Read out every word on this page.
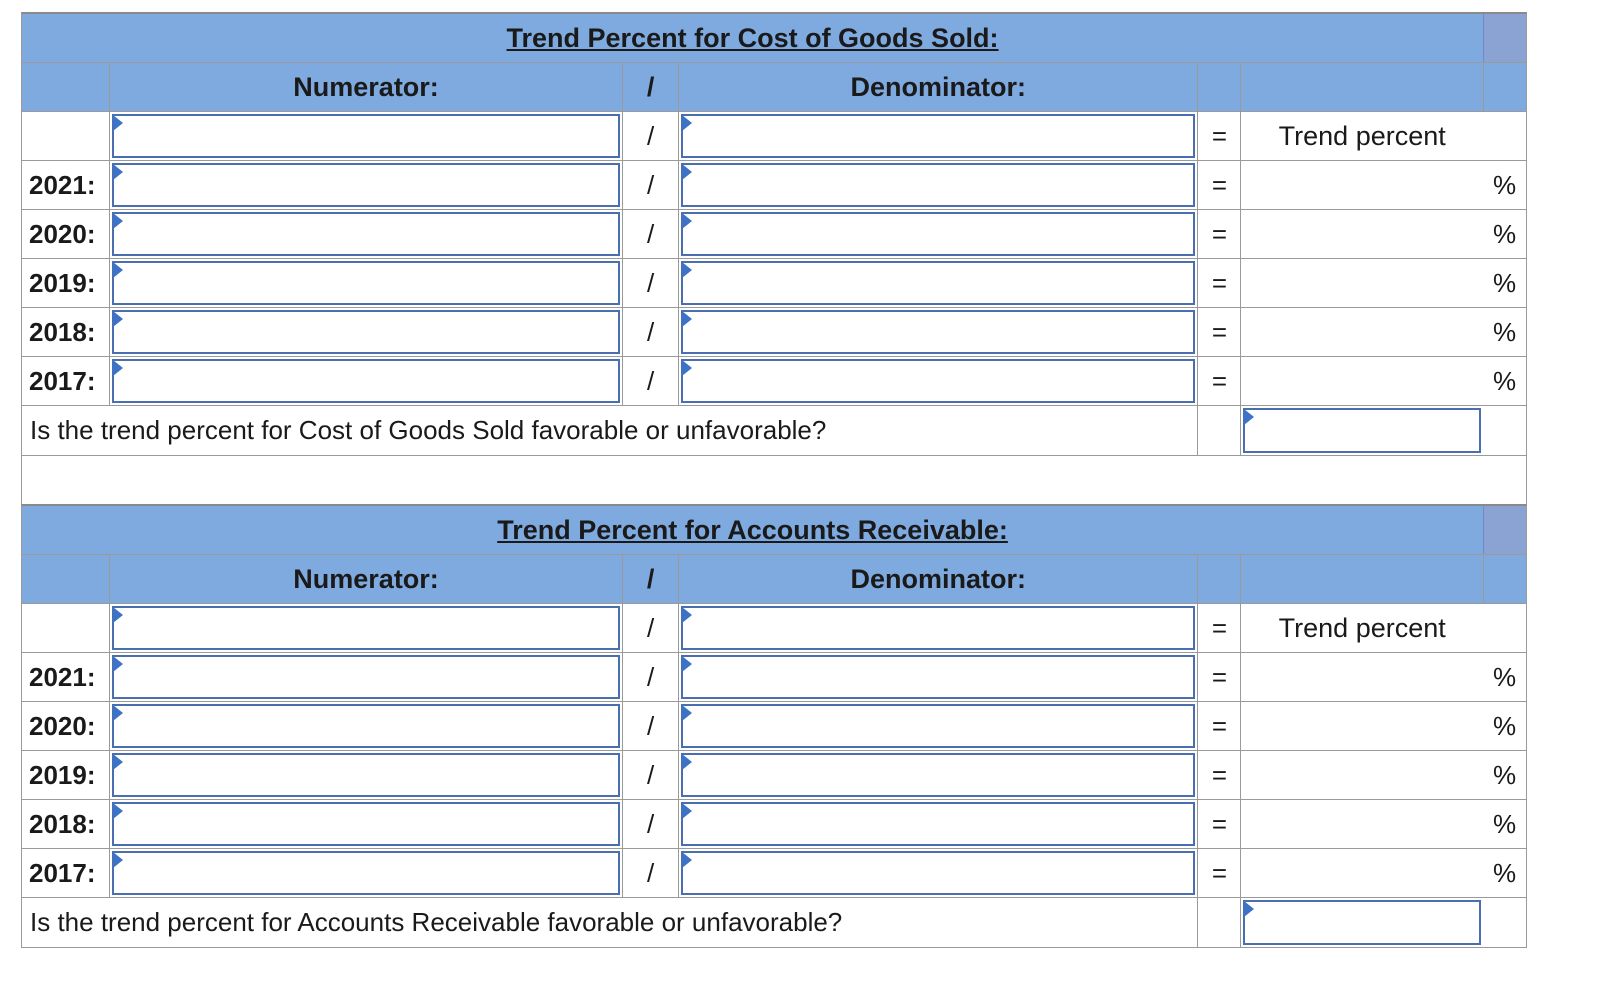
Trend Percent for Cost of Goods Sold:
Numerator:	/	Denominator:
/	=	Trend percent
2021:	/	=	%
2020:	/	=	%
2019:	/	=	%
2018:	/	=	%
2017:	/	=	%
Is the trend percent for Cost of Goods Sold favorable or unfavorable?
Trend Percent for Accounts Receivable:
Numerator:	/	Denominator:
/	=	Trend percent
2021:	/	=	%
2020:	/	=	%
2019:	/	=	%
2018:	/	=	%
2017:	/	=	%
Is the trend percent for Accounts Receivable favorable or unfavorable?
